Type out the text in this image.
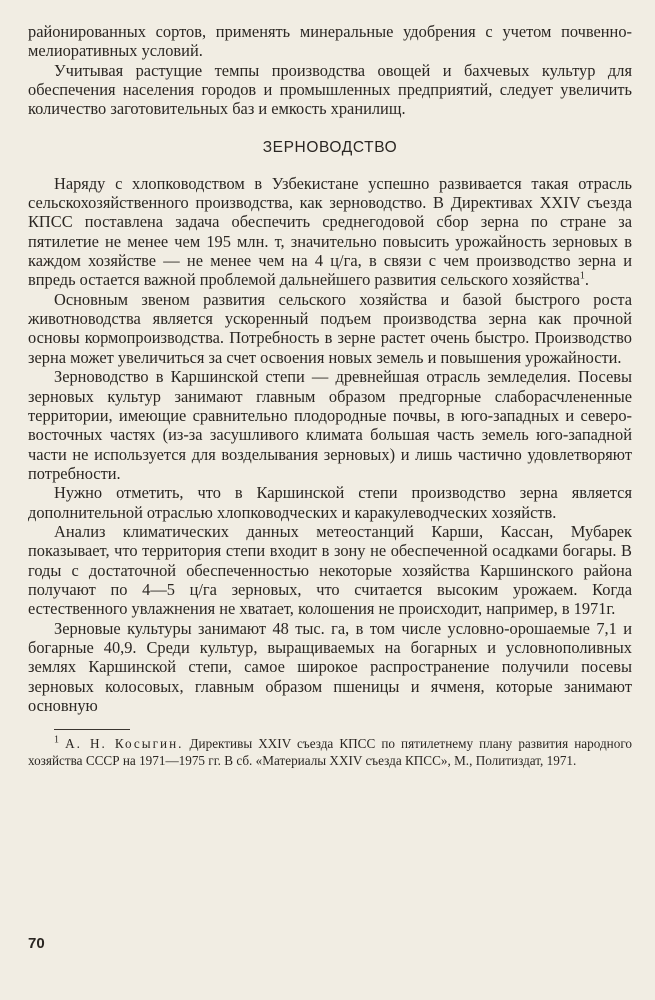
районированных сортов, применять минеральные удобрения с учетом почвенно-мелиоративных условий.

Учитывая растущие темпы производства овощей и бахчевых культур для обеспечения населения городов и промышленных предприятий, следует увеличить количество заготовительных баз и емкость хранилищ.

ЗЕРНОВОДСТВО

Наряду с хлопководством в Узбекистане успешно развивается такая отрасль сельскохозяйственного производства, как зерноводство. В Директивах XXIV съезда КПСС поставлена задача обеспечить среднегодовой сбор зерна по стране за пятилетие не менее чем 195 млн. т, значительно повысить урожайность зерновых в каждом хозяйстве — не менее чем на 4 ц/га, в связи с чем производство зерна и впредь остается важной проблемой дальнейшего развития сельского хозяйства$^1$.

Основным звеном развития сельского хозяйства и базой быстрого роста животноводства является ускоренный подъем производства зерна как прочной основы кормопроизводства. Потребность в зерне растет очень быстро. Производство зерна может увеличиться за счет освоения новых земель и повышения урожайности.

Зерноводство в Каршинской степи — древнейшая отрасль земледелия. Посевы зерновых культур занимают главным образом предгорные слаборасчлененные территории, имеющие сравнительно плодородные почвы, в юго-западных и северо-восточных частях (из-за засушливого климата большая часть земель юго-западной части не используется для возделывания зерновых) и лишь частично удовлетворяют потребности.

Нужно отметить, что в Каршинской степи производство зерна является дополнительной отраслью хлопководческих и каракулеводческих хозяйств.

Анализ климатических данных метеостанций Карши, Кассан, Мубарек показывает, что территория степи входит в зону не обеспеченной осадками богары. В годы с достаточной обеспеченностью некоторые хозяйства Каршинского района получают по 4—5 ц/га зерновых, что считается высоким урожаем. Когда естественного увлажнения не хватает, колошения не происходит, например, в 1971г.

Зерновые культуры занимают 48 тыс. га, в том числе условно-орошаемые 7,1 и богарные 40,9. Среди культур, выращиваемых на богарных и условнополивных землях Каршинской степи, самое широкое распространение получили посевы зерновых колосовых, главным образом пшеницы и ячменя, которые занимают основную

$^1$ А. Н. Косыгин. Директивы XXIV съезда КПСС по пятилетнему плану развития народного хозяйства СССР на 1971—1975 гг. В сб. «Материалы XXIV съезда КПСС», М., Политиздат, 1971.

70
